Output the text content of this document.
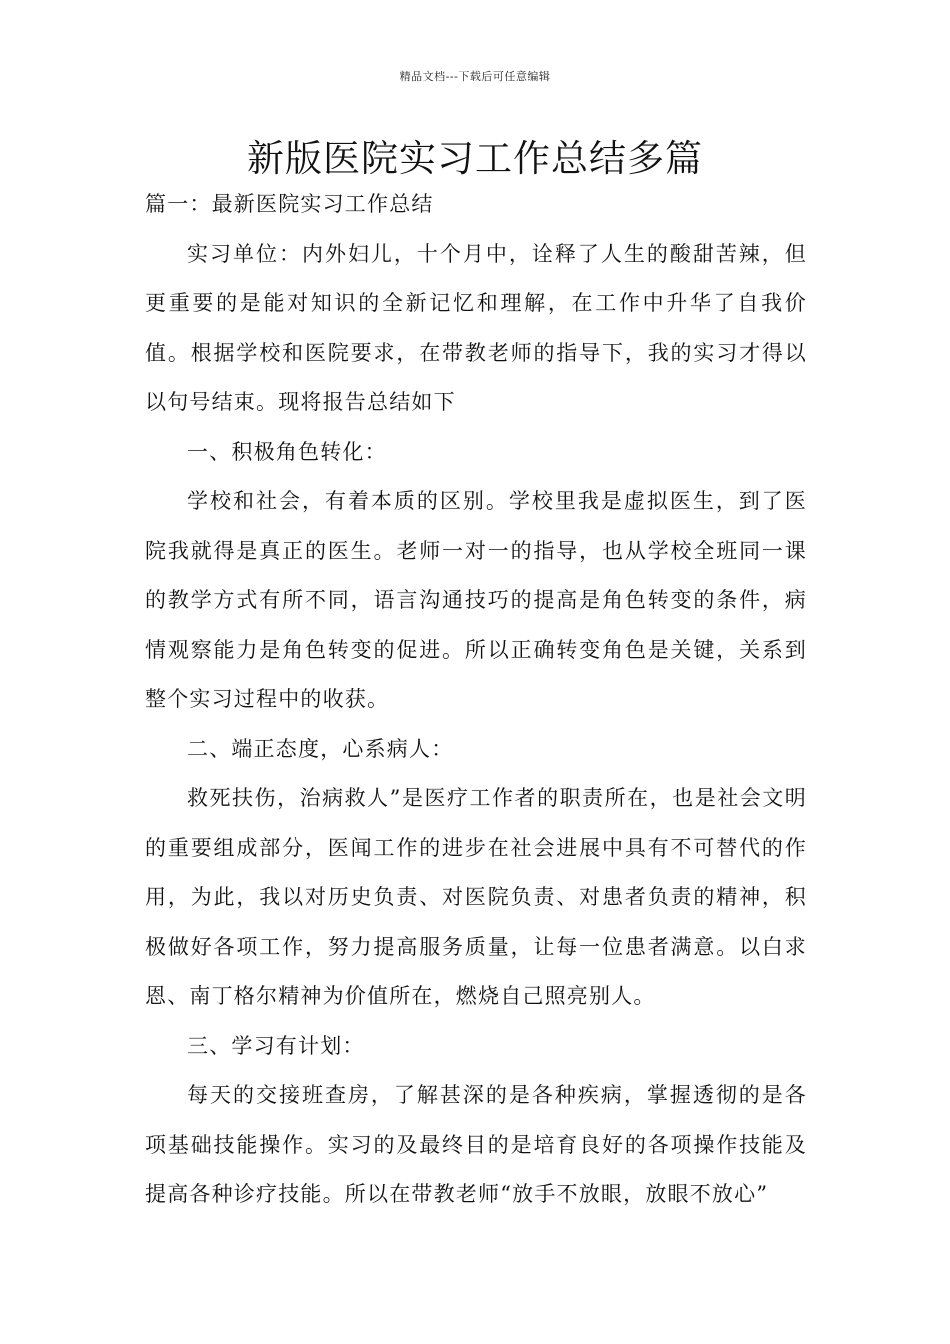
精品文档---下载后可任意编辑
新版医院实习工作总结多篇

篇一：最新医院实习工作总结

实习单位：内外妇儿，十个月中，诠释了人生的酸甜苦辣，但更重要的是能对知识的全新记忆和理解，在工作中升华了自我价值。根据学校和医院要求，在带教老师的指导下，我的实习才得以以句号结束。现将报告总结如下

一、积极角色转化：

学校和社会，有着本质的区别。学校里我是虚拟医生，到了医院我就得是真正的医生。老师一对一的指导，也从学校全班同一课的教学方式有所不同，语言沟通技巧的提高是角色转变的条件，病情观察能力是角色转变的促进。所以正确转变角色是关键，关系到整个实习过程中的收获。

二、端正态度，心系病人：

救死扶伤，治病救人”是医疗工作者的职责所在，也是社会文明的重要组成部分，医闻工作的进步在社会进展中具有不可替代的作用，为此，我以对历史负责、对医院负责、对患者负责的精神，积极做好各项工作，努力提高服务质量，让每一位患者满意。以白求恩、南丁格尔精神为价值所在，燃烧自己照亮别人。

三、学习有计划：

每天的交接班查房，了解甚深的是各种疾病，掌握透彻的是各项基础技能操作。实习的及最终目的是培育良好的各项操作技能及提高各种诊疗技能。所以在带教老师“放手不放眼，放眼不放心”
